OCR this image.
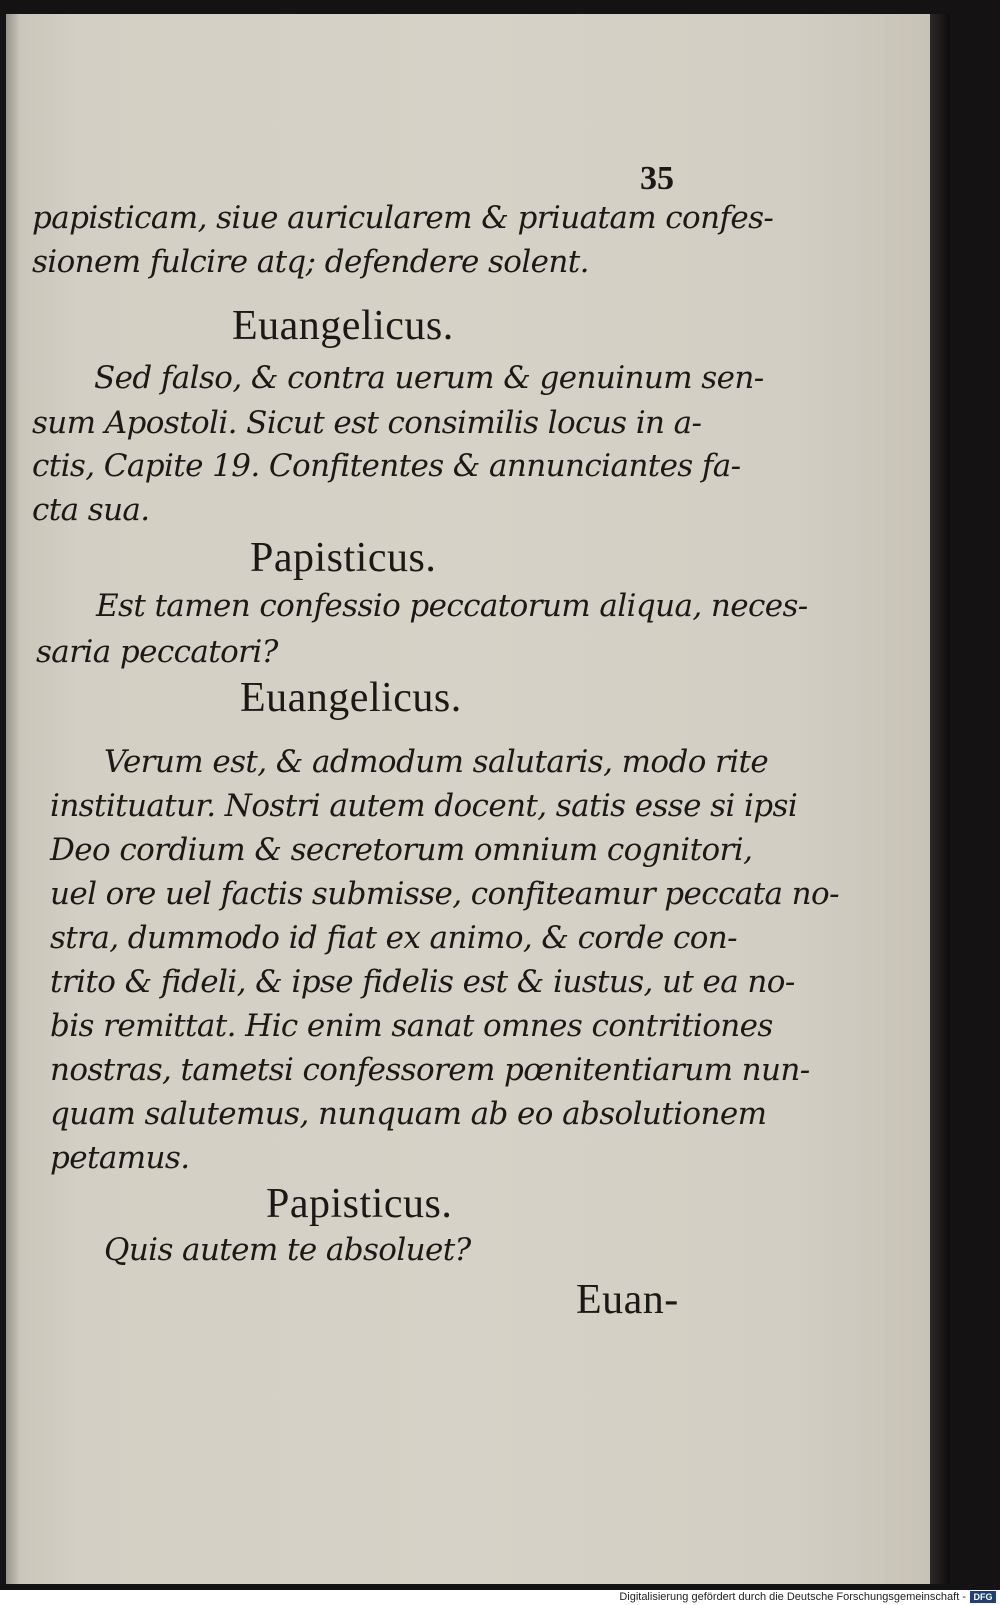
35
papisticam, siue auricularem & priuatam confes-
sionem fulcire atq; defendere solent.
Euangelicus.
Sed falso, & contra uerum & genuinum sen-
sum Apostoli. Sicut est consimilis locus in a-
ctis, Capite 19. Confitentes & annunciantes fa-
cta sua.
Papisticus.
Est tamen confessio peccatorum aliqua, neces-
saria peccatori?
Euangelicus.
Verum est, & admodum salutaris, modo rite
instituatur. Nostri autem docent, satis esse si ipsi
Deo cordium & secretorum omnium cognitori,
uel ore uel factis submisse, confiteamur peccata no-
stra, dummodo id fiat ex animo, & corde con-
trito & fideli, & ipse fidelis est & iustus, ut ea no-
bis remittat. Hic enim sanat omnes contritiones
nostras, tametsi confessorem pœnitentiarum nun-
quam salutemus, nunquam ab eo absolutionem
petamus.
Papisticus.
Quis autem te absoluet?
Euan-
Digitalisierung gefördert durch die Deutsche Forschungsgemeinschaft - DFG
